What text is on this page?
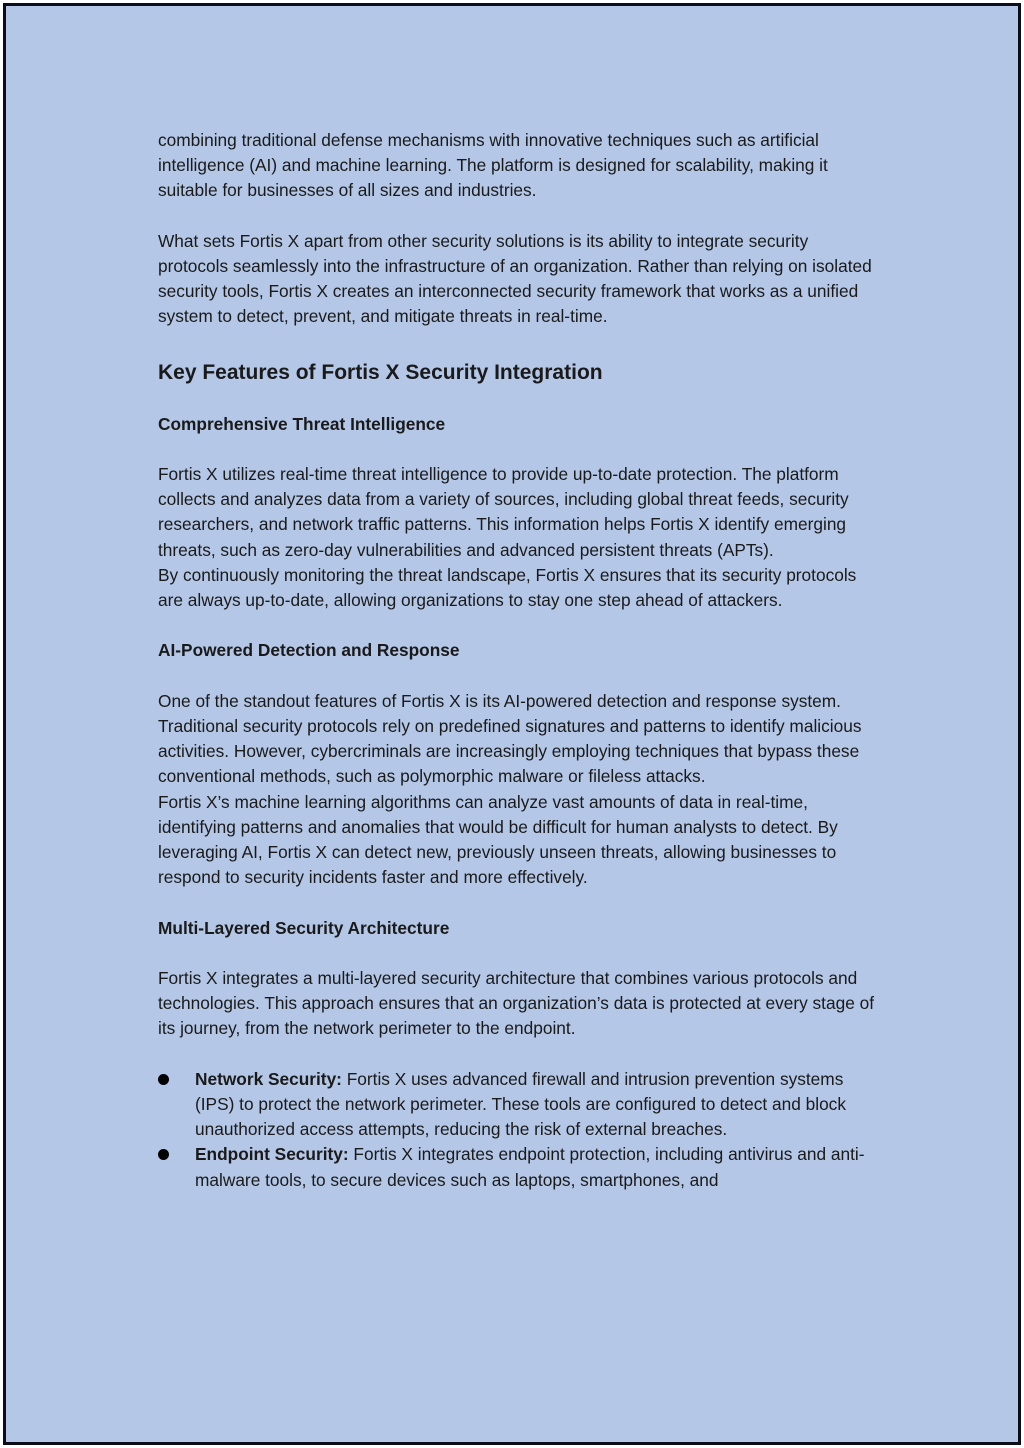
combining traditional defense mechanisms with innovative techniques such as artificial intelligence (AI) and machine learning. The platform is designed for scalability, making it suitable for businesses of all sizes and industries.

What sets Fortis X apart from other security solutions is its ability to integrate security protocols seamlessly into the infrastructure of an organization. Rather than relying on isolated security tools, Fortis X creates an interconnected security framework that works as a unified system to detect, prevent, and mitigate threats in real-time.

Key Features of Fortis X Security Integration
Comprehensive Threat Intelligence

Fortis X utilizes real-time threat intelligence to provide up-to-date protection. The platform collects and analyzes data from a variety of sources, including global threat feeds, security researchers, and network traffic patterns. This information helps Fortis X identify emerging threats, such as zero-day vulnerabilities and advanced persistent threats (APTs).

By continuously monitoring the threat landscape, Fortis X ensures that its security protocols are always up-to-date, allowing organizations to stay one step ahead of attackers.

AI-Powered Detection and Response

One of the standout features of Fortis X is its AI-powered detection and response system. Traditional security protocols rely on predefined signatures and patterns to identify malicious activities. However, cybercriminals are increasingly employing techniques that bypass these conventional methods, such as polymorphic malware or fileless attacks.

Fortis X’s machine learning algorithms can analyze vast amounts of data in real-time, identifying patterns and anomalies that would be difficult for human analysts to detect. By leveraging AI, Fortis X can detect new, previously unseen threats, allowing businesses to respond to security incidents faster and more effectively.

Multi-Layered Security Architecture

Fortis X integrates a multi-layered security architecture that combines various protocols and technologies. This approach ensures that an organization’s data is protected at every stage of its journey, from the network perimeter to the endpoint.

Network Security: Fortis X uses advanced firewall and intrusion prevention systems (IPS) to protect the network perimeter. These tools are configured to detect and block unauthorized access attempts, reducing the risk of external breaches.
Endpoint Security: Fortis X integrates endpoint protection, including antivirus and anti-malware tools, to secure devices such as laptops, smartphones, and
